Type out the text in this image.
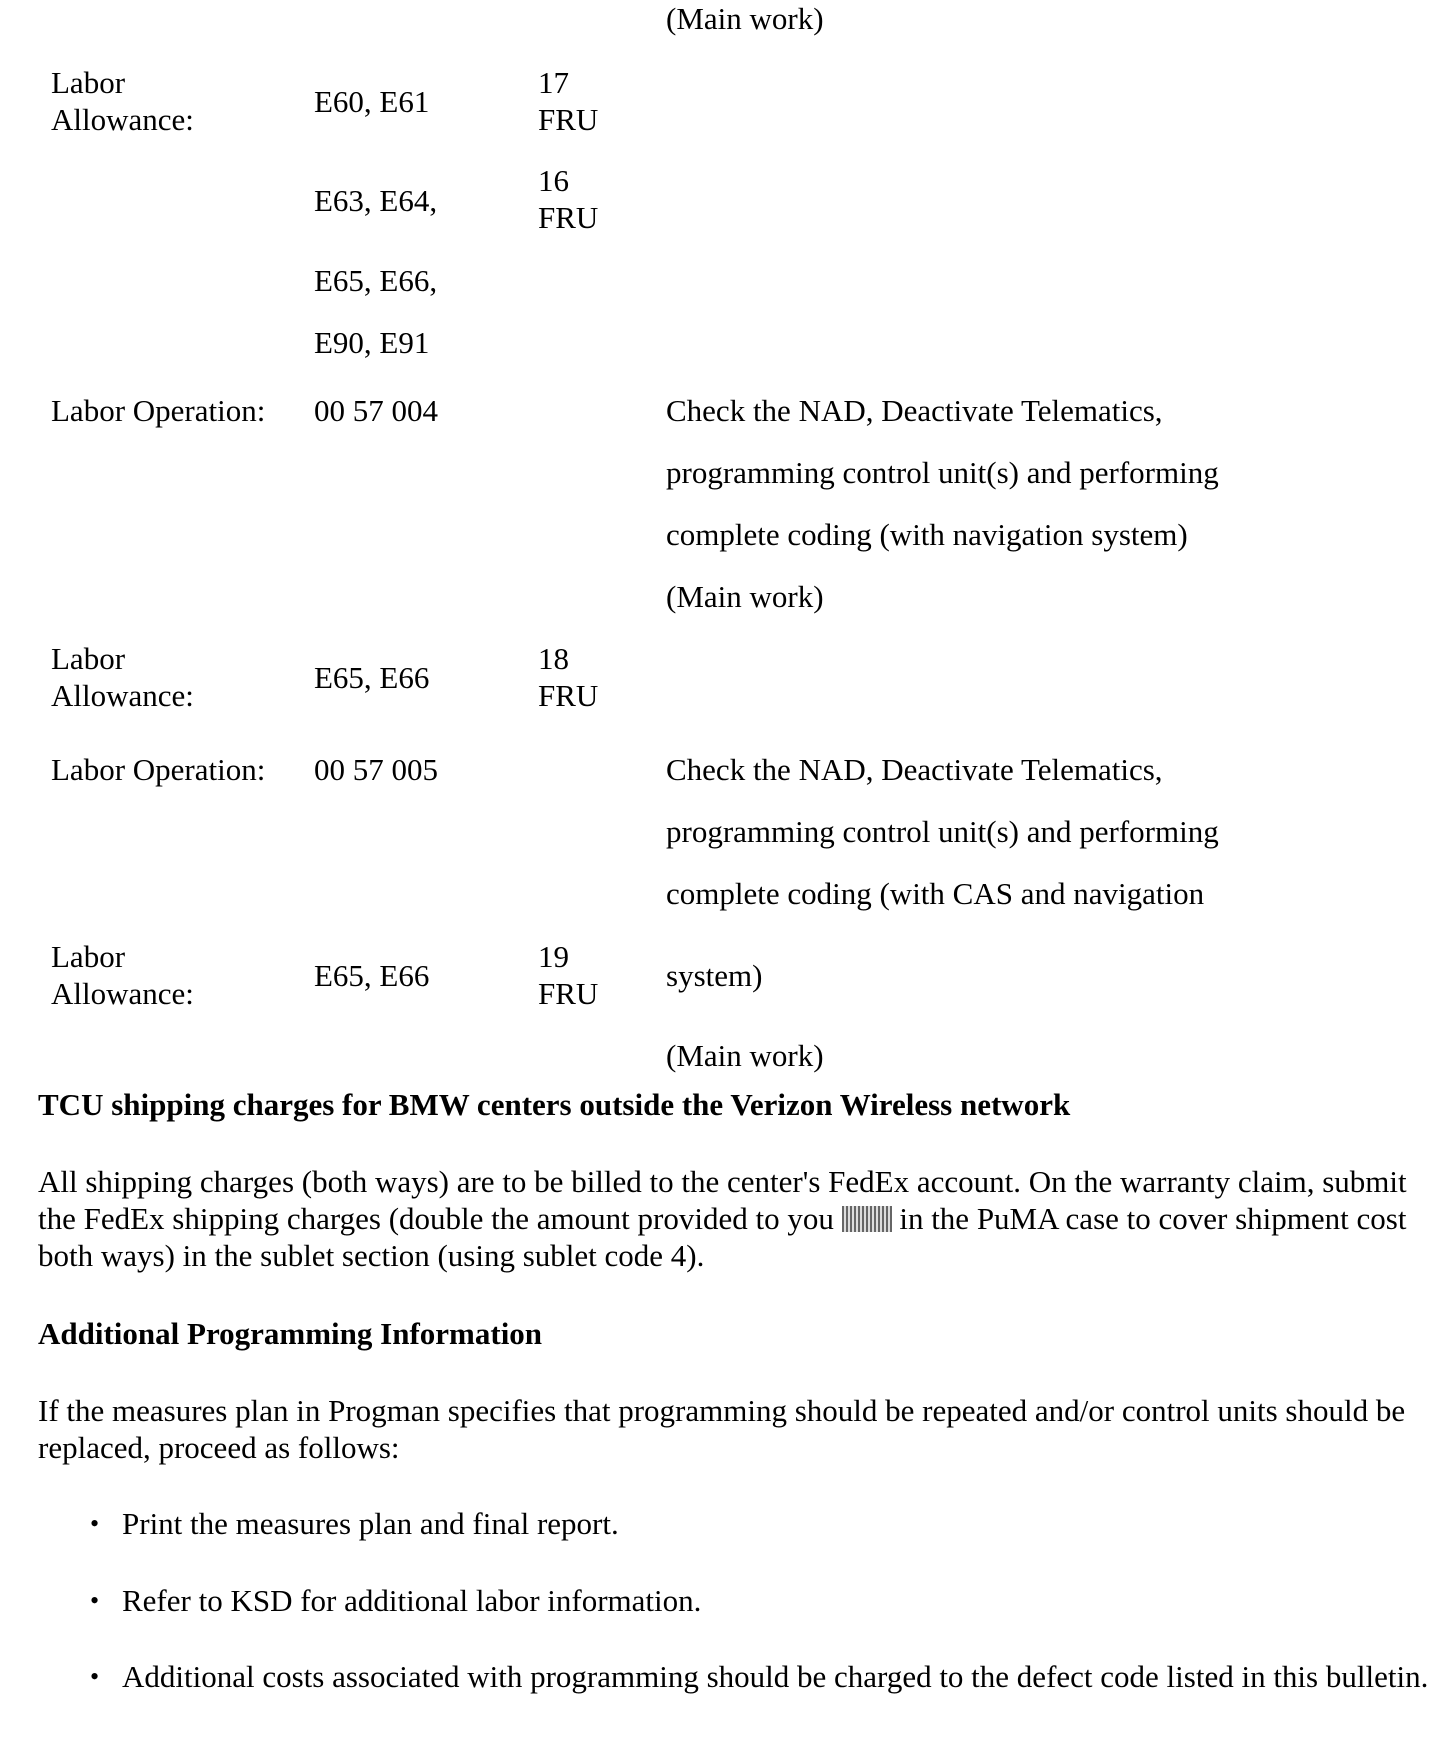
(Main work)
Labor
Allowance:
E60, E61
17
FRU
E63, E64,
16
FRU
E65, E66,
E90, E91
Labor Operation: 00 57 004	Check the NAD, Deactivate Telematics,
programming control unit(s) and performing
complete coding (with navigation system)
(Main work)
Labor
Allowance:
E65, E66
18
FRU
Labor Operation: 00 57 005	Check the NAD, Deactivate Telematics,
programming control unit(s) and performing
complete coding (with CAS and navigation
Labor
Allowance:
E65, E66
19
FRU
system)
(Main work)
TCU shipping charges for BMW centers outside the Verizon Wireless network
All shipping charges (both ways) are to be billed to the center's FedEx account. On the warranty claim, submit the FedEx shipping charges (double the amount provided to you in the PuMA case to cover shipment cost both ways) in the sublet section (using sublet code 4).
Additional Programming Information
If the measures plan in Progman specifies that programming should be repeated and/or control units should be replaced, proceed as follows:
• Print the measures plan and final report.
• Refer to KSD for additional labor information.
• Additional costs associated with programming should be charged to the defect code listed in this bulletin.
